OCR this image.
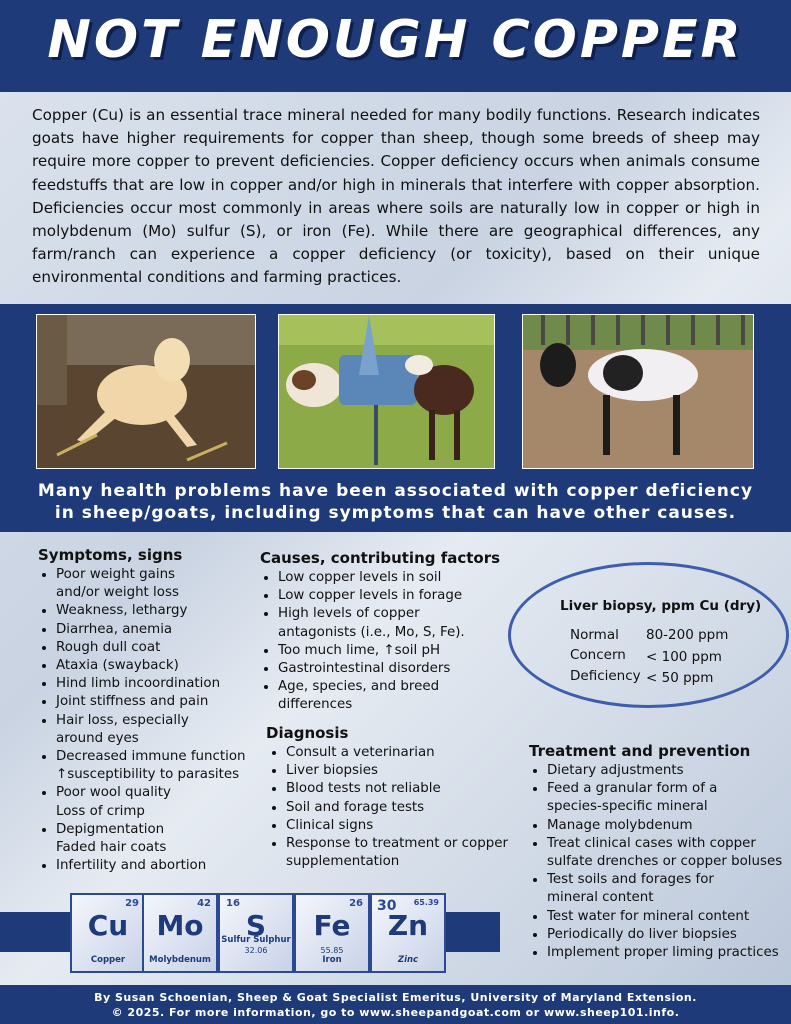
NOT ENOUGH COPPER
Copper (Cu) is an essential trace mineral needed for many bodily functions. Research indicates goats have higher requirements for copper than sheep, though some breeds of sheep may require more copper to prevent deficiencies. Copper deficiency occurs when animals consume feedstuffs that are low in copper and/or high in minerals that interfere with copper absorption. Deficiencies occur most commonly in areas where soils are naturally low in copper or high in molybdenum (Mo) sulfur (S), or iron (Fe). While there are geographical differences, any farm/ranch can experience a copper deficiency (or toxicity), based on their unique environmental conditions and farming practices.
Many health problems have been associated with copper deficiency
in sheep/goats, including symptoms that can have other causes.
Symptoms, signs
• Poor weight gains
and/or weight loss
• Weakness, lethargy
• Diarrhea, anemia
• Rough dull coat
• Ataxia (swayback)
• Hind limb incoordination
• Joint stiffness and pain
• Hair loss, especially
around eyes
• Decreased immune function
↑susceptibility to parasites
• Poor wool quality
Loss of crimp
• Depigmentation
Faded hair coats
• Infertility and abortion
Causes, contributing factors
• Low copper levels in soil
• Low copper levels in forage
• High levels of copper
antagonists (i.e., Mo, S, Fe).
• Too much lime, ↑soil pH
• Gastrointestinal disorders
• Age, species, and breed
differences
Diagnosis
• Consult a veterinarian
• Liver biopsies
• Blood tests not reliable
• Soil and forage tests
• Clinical signs
• Response to treatment or copper
supplementation
Liver biopsy, ppm Cu (dry)
Normal 80-200 ppm
Concern < 100 ppm
Deficiency < 50 ppm
Treatment and prevention
• Dietary adjustments
• Feed a granular form of a
species-specific mineral
• Manage molybdenum
• Treat clinical cases with copper
sulfate drenches or copper boluses
• Test soils and forages for
mineral content
• Test water for mineral content
• Periodically do liver biopsies
• Implement proper liming practices
29
Cu
Copper
42
Mo
Molybdenum
16
S
32.06
Sulfur Sulphur
26
Fe
55.85
Iron
65.39
30
Zn
Zinc
By Susan Schoenian, Sheep & Goat Specialist Emeritus, University of Maryland Extension.
© 2025. For more information, go to www.sheepandgoat.com or www.sheep101.info.
